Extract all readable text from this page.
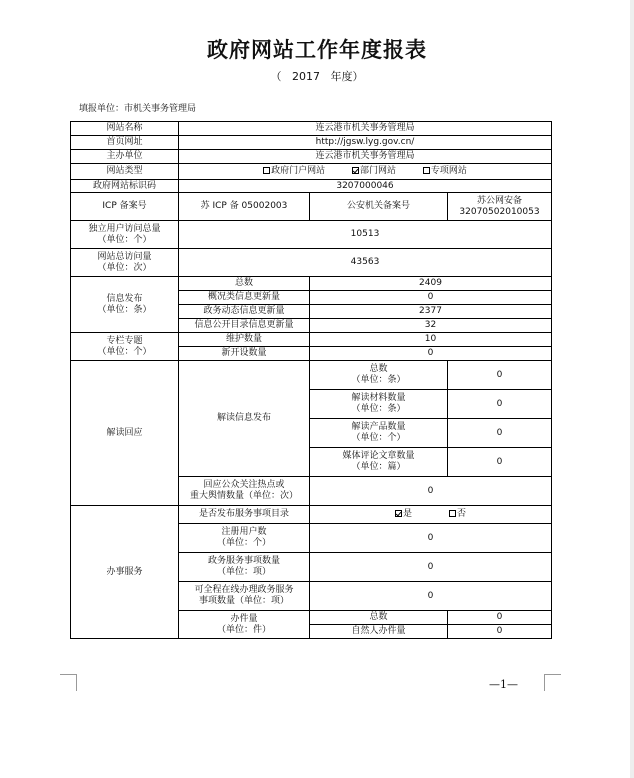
政府网站工作年度报表
（   2017   年度）
填报单位：市机关事务管理局
网站名称	连云港市机关事务管理局		
首页网址	http://jgsw.lyg.gov.cn/		
主办单位	连云港市机关事务管理局		
网站类型	政府门户网站 部门网站 专项网站		
政府网站标识码	3207000046		
ICP 备案号	苏 ICP 备 05002003	公安机关备案号	苏公网安备 32070502010053
独立用户访问总量
（单位：个）	10513		
网站总访问量
（单位：次）	43563		
信息发布
（单位：条）	总数	2409	
	概况类信息更新量	0	
	政务动态信息更新量	2377	
	信息公开目录信息更新量	32	
专栏专题
（单位：个）	维护数量	10	
	新开设数量	0	
解读回应	解读信息发布	总数
（单位：条）	0
		解读材料数量
（单位：条）	0
		解读产品数量
（单位：个）	0
		媒体评论文章数量
（单位：篇）	0
	回应公众关注热点或
重大舆情数量（单位：次）	0	
办事服务	是否发布服务事项目录	是 否	
	注册用户数
（单位：个）	0	
	政务服务事项数量
（单位：项）	0	
	可全程在线办理政务服务
事项数量（单位：项）	0	
	办件量
（单位：件）	总数	0
		自然人办件量	0
—1—
